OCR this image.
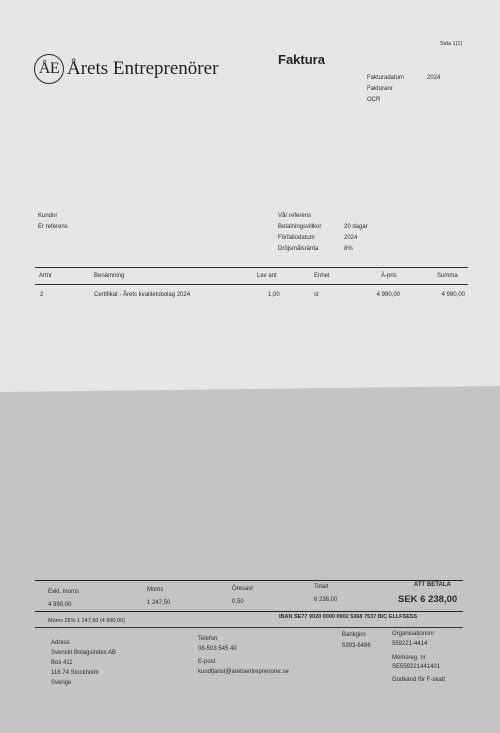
Sida 1(1)
ÅE Årets Entreprenörer	Faktura
Fakturadatum	2024
Fakturanr
OCR
Kundnr
Er referens
Vår referens
Betalningsvillkor	20 dagar
Förfallodatum	2024
Dröjsmålsränta	8%
Artnr	Benämning	Lev ant	Enhet	À-pris	Summa
2	Certifikat - Årets kvalitetsbolag 2024	1,00	st	4 990,00	4 990,00
Exkl. moms	Moms	Öresavr	Totalt	ATT BETALA
4 990,00	1 247,50	0,50	6 238,00	SEK 6 238,00
Moms 25% 1 247,50 (4 990,00)
IBAN SE77 9020 0000 0902 5368 7537 BIC ELLFSESS
Adress
Svenskt Bolagsindex AB
Box 411
116 74 Stockholm
Sverige
Telefon
08-503 545 40
E-post
kundtjanst@aretsentreprenorer.se
Bankgiro
5393-6486
Organisationsnr
559221-4414
Momsreg. nr
SE559221441401
Godkänd för F-skatt
